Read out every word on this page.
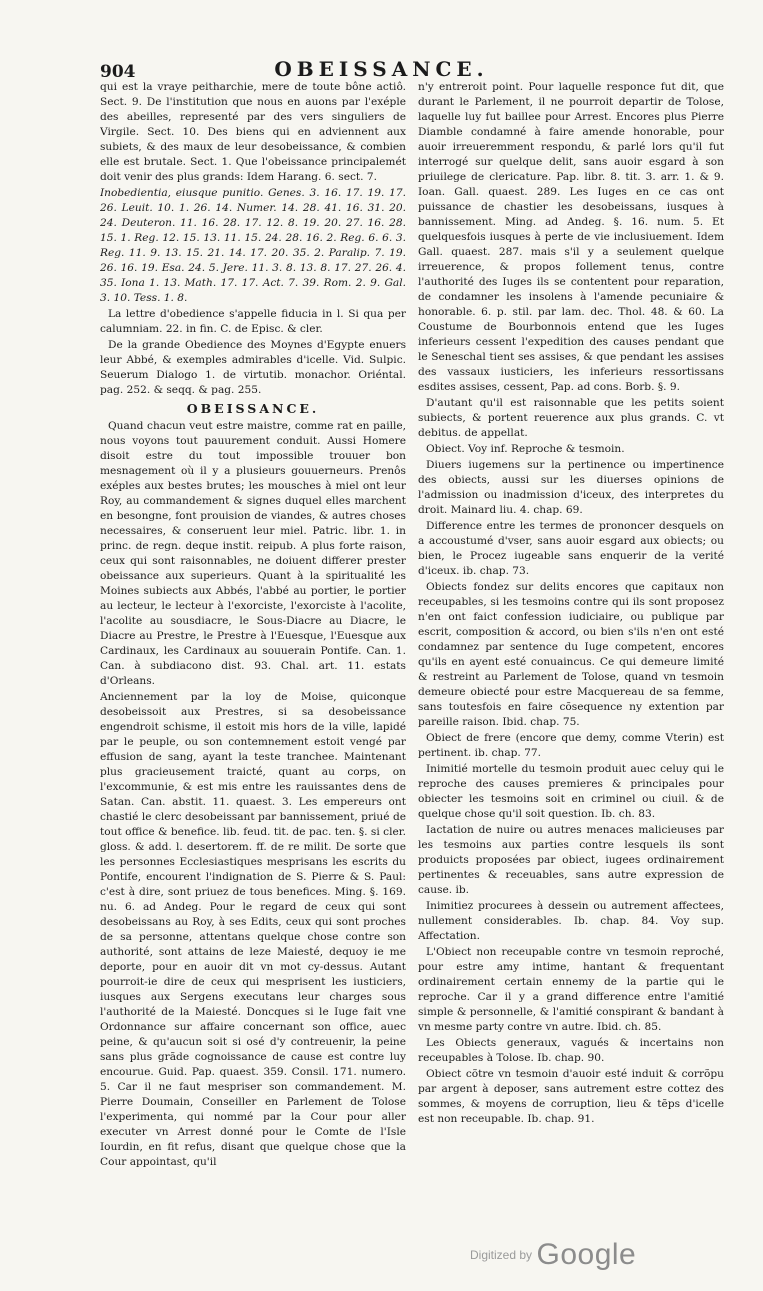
904	OBEISSANCE.

qui est la vraye peitharchie, mere de toute bône actiô. Sect. 9. De l'institution que nous en auons par l'exéple des abeilles, representé par des vers singuliers de Virgile. Sect. 10. Des biens qui en adviennent aux subiets, & des maux de leur desobeissance, & combien elle est brutale. Sect. 1. Que l'obeissance principalemét doit venir des plus grands: Idem Harang. 6. sect. 7.

Inobedientia, eiusque punitio. Genes. 3. 16. 17. 19. 17. 26. Leuit. 10. 1. 26. 14. Numer. 14. 28. 41. 16. 31. 20. 24. Deuteron. 11. 16. 28. 17. 12. 8. 19. 20. 27. 16. 28. 15. 1. Reg. 12. 15. 13. 11. 15. 24. 28. 16. 2. Reg. 6. 6. 3. Reg. 11. 9. 13. 15. 21. 14. 17. 20. 35. 2. Paralip. 7. 19. 26. 16. 19. Esa. 24. 5. Jere. 11. 3. 8. 13. 8. 17. 27. 26. 4. 35. Iona 1. 13. Math. 17. 17. Act. 7. 39. Rom. 2. 9. Gal. 3. 10. Tess. 1. 8.

La lettre d'obedience s'appelle fiducia in l. Si qua per calumniam. 22. in fin. C. de Episc. & cler.

De la grande Obedience des Moynes d'Egypte enuers leur Abbé, & exemples admirables d'icelle. Vid. Sulpic. Seuerum Dialogo 1. de virtutib. monachor. Oriéntal. pag. 252. & seqq. & pag. 255.

OBEISSANCE.

Quand chacun veut estre maistre, comme rat en paille, nous voyons tout pauurement conduit. Aussi Homere disoit estre du tout impossible trouuer bon mesnagement où il y a plusieurs gouuerneurs. Prenôs exéples aux bestes brutes; les mousches à miel ont leur Roy, au commandement & signes duquel elles marchent en besongne, font prouision de viandes, & autres choses necessaires, & conseruent leur miel. Patric. libr. 1. in princ. de regn. deque instit. reipub. A plus forte raison, ceux qui sont raisonnables, ne doiuent differer prester obeissance aux superieurs. Quant à la spiritualité les Moines subiects aux Abbés, l'abbé au portier, le portier au lecteur, le lecteur à l'exorciste, l'exorciste à l'acolite, l'acolite au sousdiacre, le Sous-Diacre au Diacre, le Diacre au Prestre, le Prestre à l'Euesque, l'Euesque aux Cardinaux, les Cardinaux au souuerain Pontife. Can. 1. Can. à subdiacono dist. 93. Chal. art. 11. estats d'Orleans.

Anciennement par la loy de Moise, quiconque desobeissoit aux Prestres, si sa desobeissance engendroit schisme, il estoit mis hors de la ville, lapidé par le peuple, ou son contemnement estoit vengé par effusion de sang, ayant la teste tranchee. Maintenant plus gracieusement traicté, quant au corps, on l'excommunie, & est mis entre les rauissantes dens de Satan. Can. abstit. 11. quaest. 3. Les empereurs ont chastié le clerc desobeissant par bannissement, priué de tout office & benefice. lib. feud. tit. de pac. ten. §. si cler. gloss. & add. l. desertorem. ff. de re milit. De sorte que les personnes Ecclesiastiques mesprisans les escrits du Pontife, encourent l'indignation de S. Pierre & S. Paul: c'est à dire, sont priuez de tous benefices. Ming. §. 169. nu. 6. ad Andeg. Pour le regard de ceux qui sont desobeissans au Roy, à ses Edits, ceux qui sont proches de sa personne, attentans quelque chose contre son authorité, sont attains de leze Maiesté, dequoy ie me deporte, pour en auoir dit vn mot cy-dessus. Autant pourroit-ie dire de ceux qui mesprisent les iusticiers, iusques aux Sergens executans leur charges sous l'authorité de la Maiesté. Doncques si le Iuge fait vne Ordonnance sur affaire concernant son office, auec peine, & qu'aucun soit si osé d'y contreuenir, la peine sans plus grãde cognoissance de cause est contre luy encourue. Guid. Pap. quaest. 359. Consil. 171. numero. 5. Car il ne faut mespriser son commandement. M. Pierre Doumain, Conseiller en Parlement de Tolose l'experimenta, qui nommé par la Cour pour aller executer vn Arrest donné pour le Comte de l'Isle Iourdin, en fit refus, disant que quelque chose que la Cour appointast, qu'il

n'y entreroit point. Pour laquelle responce fut dit, que durant le Parlement, il ne pourroit departir de Tolose, laquelle luy fut baillee pour Arrest. Encores plus Pierre Diamble condamné à faire amende honorable, pour auoir irreueremment respondu, & parlé lors qu'il fut interrogé sur quelque delit, sans auoir esgard à son priuilege de clericature. Pap. libr. 8. tit. 3. arr. 1. & 9. Ioan. Gall. quaest. 289. Les Iuges en ce cas ont puissance de chastier les desobeissans, iusques à bannissement. Ming. ad Andeg. §. 16. num. 5. Et quelquesfois iusques à perte de vie inclusiuement. Idem Gall. quaest. 287. mais s'il y a seulement quelque irreuerence, & propos follement tenus, contre l'authorité des Iuges ils se contentent pour reparation, de condamner les insolens à l'amende pecuniaire & honorable. 6. p. stil. par lam. dec. Thol. 48. & 60. La Coustume de Bourbonnois entend que les Iuges inferieurs cessent l'expedition des causes pendant que le Seneschal tient ses assises, & que pendant les assises des vassaux iusticiers, les inferieurs ressortissans esdites assises, cessent, Pap. ad cons. Borb. §. 9.

D'autant qu'il est raisonnable que les petits soient subiects, & portent reuerence aux plus grands. C. vt debitus. de appellat.

Obiect. Voy inf. Reproche & tesmoin.

Diuers iugemens sur la pertinence ou impertinence des obiects, aussi sur les diuerses opinions de l'admission ou inadmission d'iceux, des interpretes du droit. Mainard liu. 4. chap. 69.

Difference entre les termes de prononcer desquels on a accoustumé d'vser, sans auoir esgard aux obiects; ou bien, le Procez iugeable sans enquerir de la verité d'iceux. ib. chap. 73.

Obiects fondez sur delits encores que capitaux non receupables, si les tesmoins contre qui ils sont proposez n'en ont faict confession iudiciaire, ou publique par escrit, composition & accord, ou bien s'ils n'en ont esté condamnez par sentence du Iuge competent, encores qu'ils en ayent esté conuaincus. Ce qui demeure limité & restreint au Parlement de Tolose, quand vn tesmoin demeure obiecté pour estre Macquereau de sa femme, sans toutesfois en faire cõsequence ny extention par pareille raison. Ibid. chap. 75.

Obiect de frere (encore que demy, comme Vterin) est pertinent. ib. chap. 77.

Inimitié mortelle du tesmoin produit auec celuy qui le reproche des causes premieres & principales pour obiecter les tesmoins soit en criminel ou ciuil. & de quelque chose qu'il soit question. Ib. ch. 83.

Iactation de nuire ou autres menaces malicieuses par les tesmoins aux parties contre lesquels ils sont produicts proposées par obiect, iugees ordinairement pertinentes & receuables, sans autre expression de cause. ib.

Inimitiez procurees à dessein ou autrement affectees, nullement considerables. Ib. chap. 84. Voy sup. Affectation.

L'Obiect non receupable contre vn tesmoin reproché, pour estre amy intime, hantant & frequentant ordinairement certain ennemy de la partie qui le reproche. Car il y a grand difference entre l'amitié simple & personnelle, & l'amitié conspirant & bandant à vn mesme party contre vn autre. Ibid. ch. 85.

Les Obiects generaux, vagués & incertains non receupables à Tolose. Ib. chap. 90.

Obiect cõtre vn tesmoin d'auoir esté induit & corrõpu par argent à deposer, sans autrement estre cottez des sommes, & moyens de corruption, lieu & tẽps d'icelle est non receupable. Ib. chap. 91.

Digitized by Google
